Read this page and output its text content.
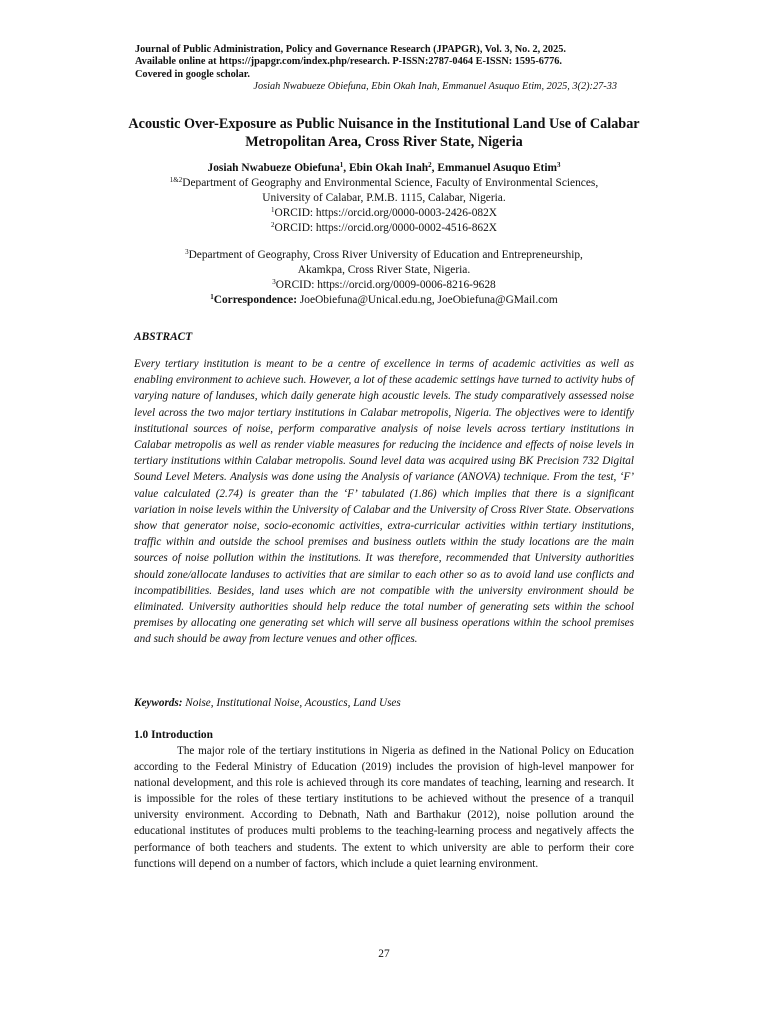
Journal of Public Administration, Policy and Governance Research (JPAPGR), Vol. 3, No. 2, 2025.
Available online at https://jpapgr.com/index.php/research. P-ISSN:2787-0464 E-ISSN: 1595-6776.
Covered in google scholar.
Josiah Nwabueze Obiefuna, Ebin Okah Inah, Emmanuel Asuquo Etim, 2025, 3(2):27-33
Acoustic Over-Exposure as Public Nuisance in the Institutional Land Use of Calabar Metropolitan Area, Cross River State, Nigeria
Josiah Nwabueze Obiefuna$^1$, Ebin Okah Inah$^2$, Emmanuel Asuquo Etim$^3$
$^{1\&2}$Department of Geography and Environmental Science, Faculty of Environmental Sciences,
University of Calabar, P.M.B. 1115, Calabar, Nigeria.
$^1$ORCID: https://orcid.org/0000-0003-2426-082X
$^2$ORCID: https://orcid.org/0000-0002-4516-862X
$^3$Department of Geography, Cross River University of Education and Entrepreneurship,
Akamkpa, Cross River State, Nigeria.
$^3$ORCID: https://orcid.org/0009-0006-8216-9628
$^1$Correspondence: JoeObiefuna@Unical.edu.ng, JoeObiefuna@GMail.com
ABSTRACT

Every tertiary institution is meant to be a centre of excellence in terms of academic activities as well as enabling environment to achieve such. However, a lot of these academic settings have turned to activity hubs of varying nature of landuses, which daily generate high acoustic levels. The study comparatively assessed noise level across the two major tertiary institutions in Calabar metropolis, Nigeria. The objectives were to identify institutional sources of noise, perform comparative analysis of noise levels across tertiary institutions in Calabar metropolis as well as render viable measures for reducing the incidence and effects of noise levels in tertiary institutions within Calabar metropolis. Sound level data was acquired using BK Precision 732 Digital Sound Level Meters. Analysis was done using the Analysis of variance (ANOVA) technique. From the test, ‘F’ value calculated (2.74) is greater than the ‘F’ tabulated (1.86) which implies that there is a significant variation in noise levels within the University of Calabar and the University of Cross River State. Observations show that generator noise, socio-economic activities, extra-curricular activities within tertiary institutions, traffic within and outside the school premises and business outlets within the study locations are the main sources of noise pollution within the institutions. It was therefore, recommended that University authorities should zone/allocate landuses to activities that are similar to each other so as to avoid land use conflicts and incompatibilities. Besides, land uses which are not compatible with the university environment should be eliminated. University authorities should help reduce the total number of generating sets within the school premises by allocating one generating set which will serve all business operations within the school premises and such should be away from lecture venues and other offices.

Keywords: Noise, Institutional Noise, Acoustics, Land Uses
1.0 Introduction

The major role of the tertiary institutions in Nigeria as defined in the National Policy on Education according to the Federal Ministry of Education (2019) includes the provision of high-level manpower for national development, and this role is achieved through its core mandates of teaching, learning and research. It is impossible for the roles of these tertiary institutions to be achieved without the presence of a tranquil university environment. According to Debnath, Nath and Barthakur (2012), noise pollution around the educational institutes of produces multi problems to the teaching-learning process and negatively affects the performance of both teachers and students. The extent to which university are able to perform their core functions will depend on a number of factors, which include a quiet learning environment.

27
